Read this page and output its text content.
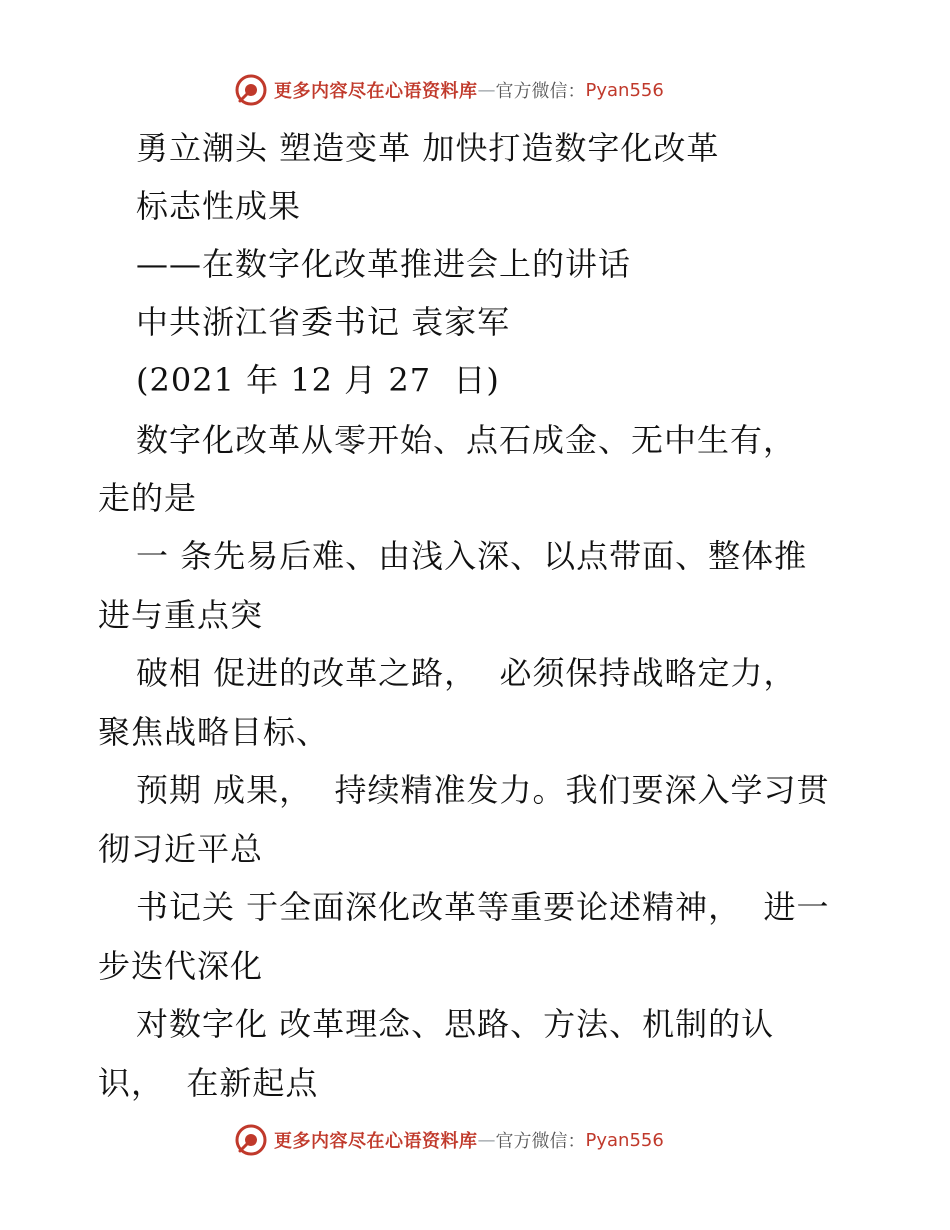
更多内容尽在心语资料库 — 官方微信： Pyan556
勇立潮头 塑造变革 加快打造数字化改革
标志性成果
——在数字化改革推进会上的讲话
中共浙江省委书记 袁家军
(2021 年 12 月 27  日)
数字化改革从零开始、点石成金、无中生有，
走的是
一 条先易后难、由浅入深、以点带面、整体推
进与重点突
破相 促进的改革之路，  必须保持战略定力，
聚焦战略目标、
预期 成果，  持续精准发力。我们要深入学习贯
彻习近平总
书记关 于全面深化改革等重要论述精神，  进一
步迭代深化
对数字化 改革理念、思路、方法、机制的认
识，  在新起点
更多内容尽在心语资料库 — 官方微信： Pyan556
